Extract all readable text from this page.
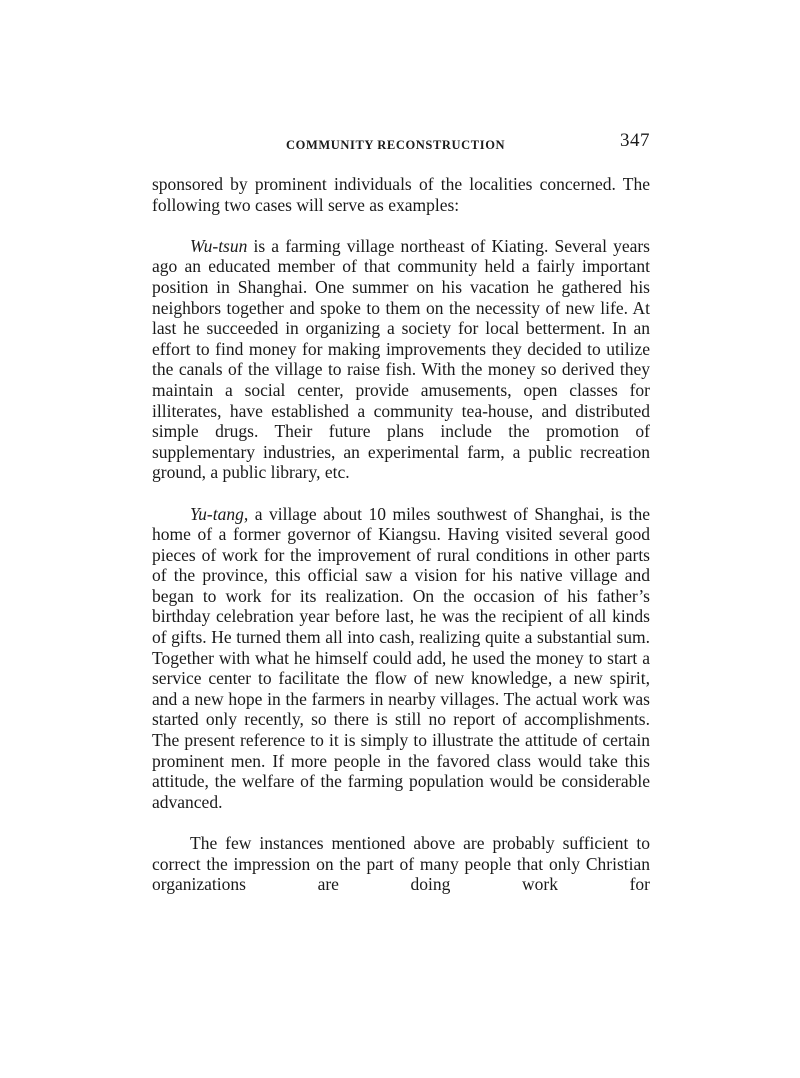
COMMUNITY RECONSTRUCTION	347

sponsored by prominent individuals of the localities concerned. The following two cases will serve as examples:

Wu-tsun is a farming village northeast of Kiating. Several years ago an educated member of that community held a fairly important position in Shanghai. One summer on his vacation he gathered his neighbors together and spoke to them on the necessity of new life. At last he succeeded in organizing a society for local betterment. In an effort to find money for making improvements they decided to utilize the canals of the village to raise fish. With the money so derived they maintain a social center, provide amusements, open classes for illiterates, have established a community tea-house, and distributed simple drugs. Their future plans include the promotion of supplementary industries, an experimental farm, a public recreation ground, a public library, etc.

Yu-tang, a village about 10 miles southwest of Shanghai, is the home of a former governor of Kiangsu. Having visited several good pieces of work for the improvement of rural conditions in other parts of the province, this official saw a vision for his native village and began to work for its realization. On the occasion of his father’s birthday celebration year before last, he was the recipient of all kinds of gifts. He turned them all into cash, realizing quite a substantial sum. Together with what he himself could add, he used the money to start a service center to facilitate the flow of new knowledge, a new spirit, and a new hope in the farmers in nearby villages. The actual work was started only recently, so there is still no report of accomplishments. The present reference to it is simply to illustrate the attitude of certain prominent men. If more people in the favored class would take this attitude, the welfare of the farming population would be considerable advanced.

The few instances mentioned above are probably sufficient to correct the impression on the part of many people that only Christian organizations are doing work for
